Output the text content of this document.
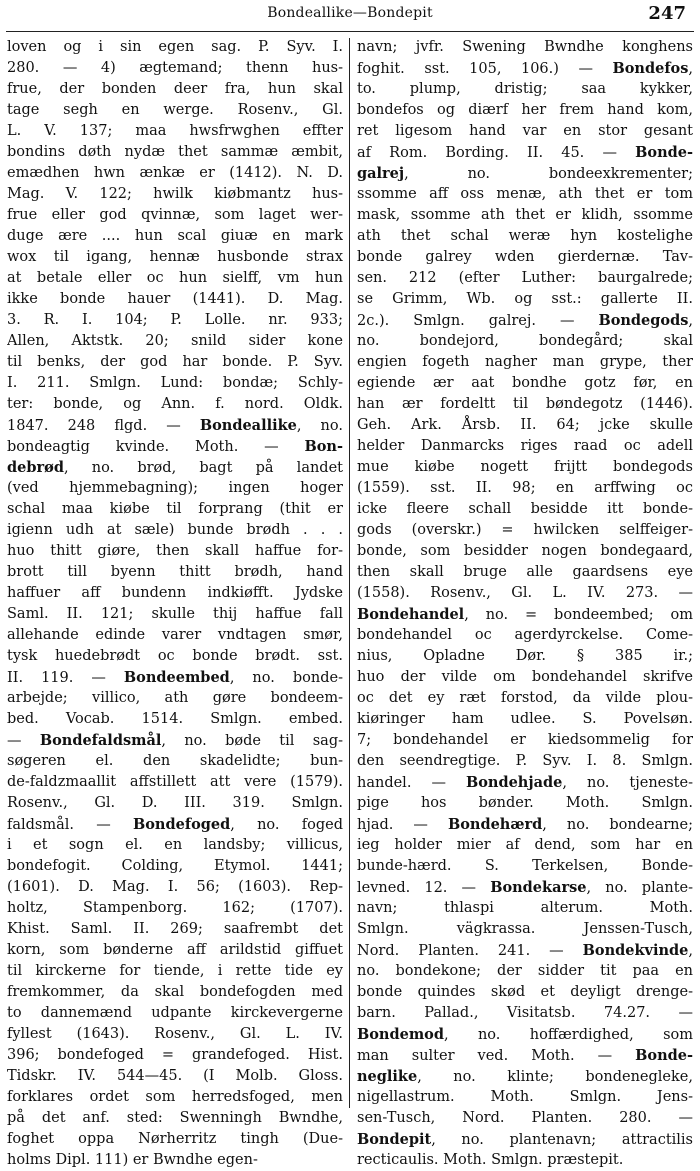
Bondeallike—Bondepit	247
loven og i sin egen sag. P. Syv. I.
280. — 4) ægtemand; thenn hus-
frue, der bonden deer fra, hun skal
tage segh en werge. Rosenv., Gl.
L. V. 137; maa hwsfrwghen effter
bondins døth nydæ thet sammæ æmbit,
emædhen hwn ænkæ er (1412). N. D.
Mag. V. 122; hwilk kiøbmantz hus-
frue eller god qvinnæ, som laget wer-
duge ære .... hun scal giuæ en mark
wox til igang, hennæ husbonde strax
at betale eller oc hun sielff, vm hun
ikke bonde hauer (1441). D. Mag.
3. R. I. 104; P. Lolle. nr. 933;
Allen, Aktstk. 20; snild sider kone
til benks, der god har bonde. P. Syv.
I. 211. Smlgn. Lund: bondæ; Schly-
ter: bonde, og Ann. f. nord. Oldk.
1847. 248 flgd. — Bondeallike, no.
bondeagtig kvinde. Moth. — Bon-
debrød, no. brød, bagt på landet
(ved hjemmebagning); ingen hoger
schal maa kiøbe til forprang (thit er
igienn udh at sæle) bunde brødh . . .
huo thitt giøre, then skall haffue for-
brott till byenn thitt brødh, hand
haffuer aff bundenn indkiøfft. Jydske
Saml. II. 121; skulle thij haffue fall
allehande edinde varer vndtagen smør,
tysk huedebrødt oc bonde brødt. sst.
II. 119. — Bondeembed, no. bonde-
arbejde; villico, ath gøre bondeem-
bed. Vocab. 1514. Smlgn. embed.
— Bondefaldsmål, no. bøde til sag-
søgeren el. den skadelidte; bun-
de-faldzmaallit affstillett att vere (1579).
Rosenv., Gl. D. III. 319. Smlgn.
faldsmål. — Bondefoged, no. foged
i et sogn el. en landsby; villicus,
bondefogit. Colding, Etymol. 1441;
(1601). D. Mag. I. 56; (1603). Rep-
holtz, Stampenborg. 162; (1707).
Khist. Saml. II. 269; saafrembt det
korn, som bønderne aff arildstid giffuet
til kirckerne for tiende, i rette tide ey
fremkommer, da skal bondefogden med
to dannemænd udpante kirckevergerne
fyllest (1643). Rosenv., Gl. L. IV.
396; bondefoged = grandefoged. Hist.
Tidskr. IV. 544—45. (I Molb. Gloss.
forklares ordet som herredsfoged, men
på det anf. sted: Swenningh Bwndhe,
foghet oppa Nørherritz tingh (Due-
holms Dipl. 111) er Bwndhe egen-
navn; jvfr. Swening Bwndhe konghens
foghit. sst. 105, 106.) — Bondefos,
to. plump, dristig; saa kykker,
bondefos og diærf her frem hand kom,
ret ligesom hand var en stor gesant
af Rom. Bording. II. 45. — Bonde-
galrej, no. bondeexkrementer;
ssomme aff oss menæ, ath thet er tom
mask, ssomme ath thet er klidh, ssomme
ath thet schal weræ hyn kostelighe
bonde galrey wden gierdernæ. Tav-
sen. 212 (efter Luther: baurgalrede;
se Grimm, Wb. og sst.: gallerte II.
2c.). Smlgn. galrej. — Bondegods,
no. bondejord, bondegård; skal
engien fogeth nagher man grype, ther
egiende ær aat bondhe gotz før, en
han ær fordeltt til bøndegotz (1446).
Geh. Ark. Årsb. II. 64; jcke skulle
helder Danmarcks riges raad oc adell
mue kiøbe nogett frijtt bondegods
(1559). sst. II. 98; en arffwing oc
icke fleere schall besidde itt bonde-
gods (overskr.) = hwilcken selffeiger-
bonde, som besidder nogen bondegaard,
then skall bruge alle gaardsens eye
(1558). Rosenv., Gl. L. IV. 273. —
Bondehandel, no. = bondeembed; om
bondehandel oc agerdyrckelse. Come-
nius, Opladne Dør. § 385 ir.;
huo der vilde om bondehandel skrifve
oc det ey ræt forstod, da vilde plou-
kiøringer ham udlee. S. Povelsøn.
7; bondehandel er kiedsommelig for
den seendregtige. P. Syv. I. 8. Smlgn.
handel. — Bondehjade, no. tjeneste-
pige hos bønder. Moth. Smlgn.
hjad. — Bondehærd, no. bondearne;
ieg holder mier af dend, som har en
bunde-hærd. S. Terkelsen, Bonde-
levned. 12. — Bondekarse, no. plante-
navn; thlaspi alterum. Moth.
Smlgn. vägkrassa. Jenssen-Tusch,
Nord. Planten. 241. — Bondekvinde,
no. bondekone; der sidder tit paa en
bonde quindes skød et deyligt drenge-
barn. Pallad., Visitatsb. 74.27. —
Bondemod, no. hoffærdighed, som
man sulter ved. Moth. — Bonde-
neglike, no. klinte; bondenegleke,
nigellastrum. Moth. Smlgn. Jens-
sen-Tusch, Nord. Planten. 280. —
Bondepit, no. plantenavn; attractilis
recticaulis. Moth. Smlgn. præstepit.
